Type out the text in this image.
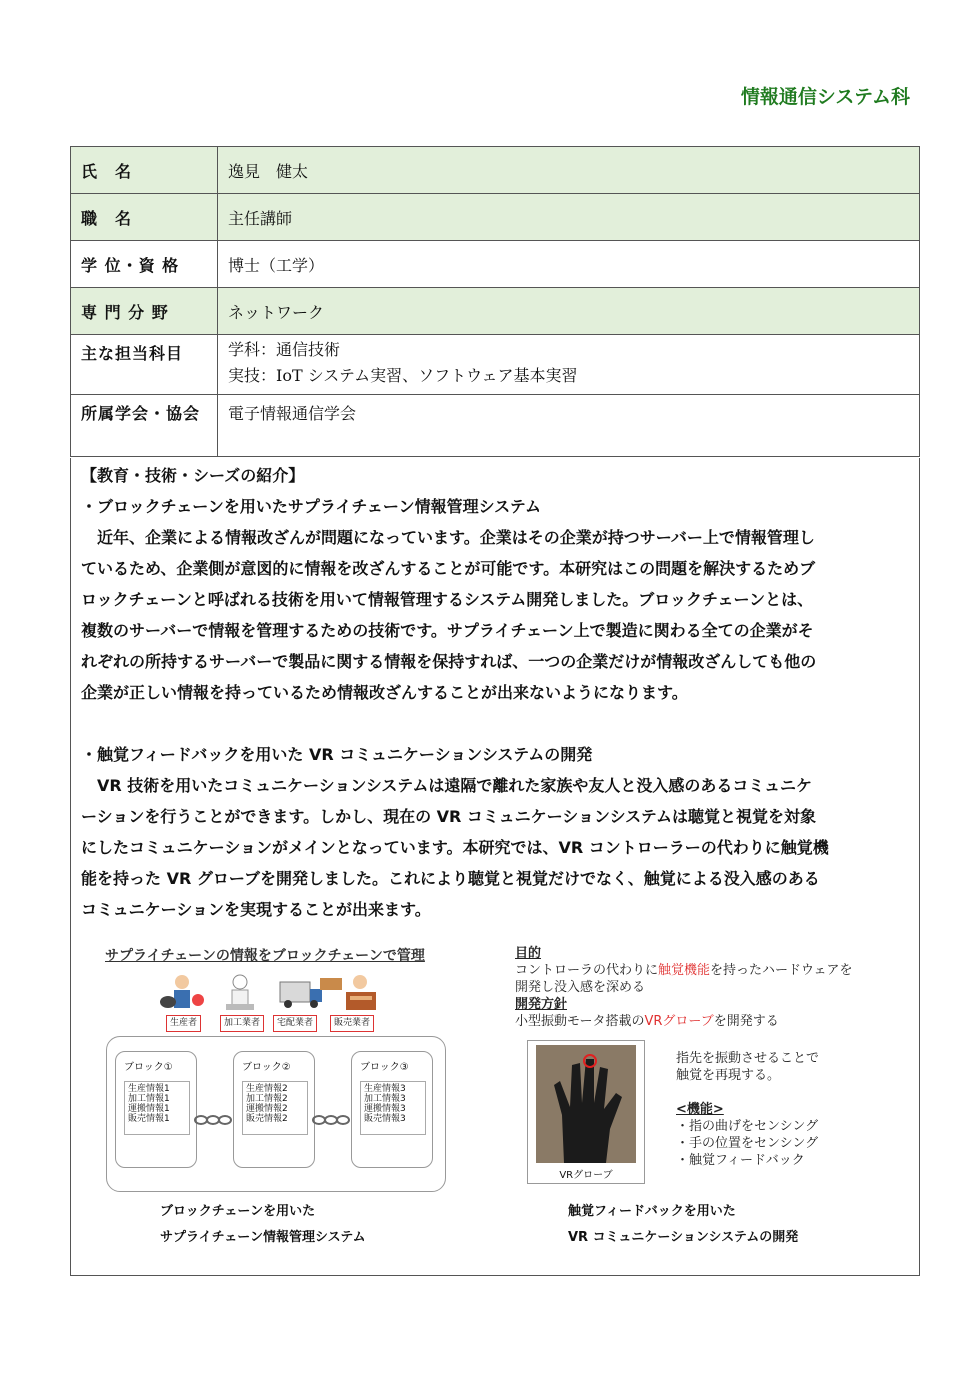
情報通信システム科
氏　名	逸見　健太
職　名	主任講師
学 位・資 格	博士（工学）
専 門 分 野	ネットワーク
主な担当科目	学科：通信技術
実技：IoT システム実習、ソフトウェア基本実習

所属学会・協会	電子情報通信学会

【教育・技術・シーズの紹介】

・ブロックチェーンを用いたサプライチェーン情報管理システム

　近年、企業による情報改ざんが問題になっています。企業はその企業が持つサーバー上で情報管理し

ているため、企業側が意図的に情報を改ざんすることが可能です。本研究はこの問題を解決するためブ

ロックチェーンと呼ばれる技術を用いて情報管理するシステム開発しました。ブロックチェーンとは、

複数のサーバーで情報を管理するための技術です。サプライチェーン上で製造に関わる全ての企業がそ

れぞれの所持するサーバーで製品に関する情報を保持すれば、一つの企業だけが情報改ざんしても他の

企業が正しい情報を持っているため情報改ざんすることが出来ないようになります。

・触覚フィードバックを用いた VR コミュニケーションシステムの開発

　VR 技術を用いたコミュニケーションシステムは遠隔で離れた家族や友人と没入感のあるコミュニケ

ーションを行うことができます。しかし、現在の VR コミュニケーションシステムは聴覚と視覚を対象

にしたコミュニケーションがメインとなっています。本研究では、VR コントローラーの代わりに触覚機

能を持った VR グローブを開発しました。これにより聴覚と視覚だけでなく、触覚による没入感のある

コミュニケーションを実現することが出来ます。

サプライチェーンの情報をブロックチェーンで管理
生産者	加工業者	宅配業者	販売業者
ブロック①
生産情報1
加工情報1
運搬情報1
販売情報1
ブロック②
生産情報2
加工情報2
運搬情報2
販売情報2
ブロック③
生産情報3
加工情報3
運搬情報3
販売情報3
ブロックチェーンを用いた
サプライチェーン情報管理システム
目的
コントローラの代わりに触覚機能を持ったハードウェアを
開発し没入感を深める
開発方針
小型振動モータ搭載のVRグローブを開発する
VRグローブ
指先を振動させることで
触覚を再現する。
<機能>
・指の曲げをセンシング
・手の位置をセンシング
・触覚フィードバック
触覚フィードバックを用いた
VR コミュニケーションシステムの開発
